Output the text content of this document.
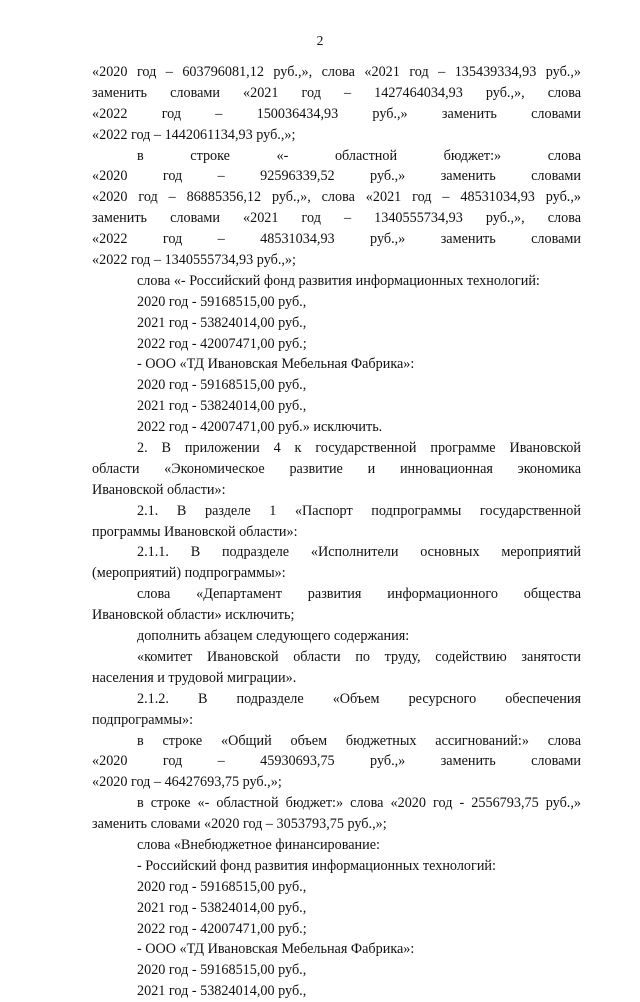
2
«2020 год – 603796081,12 руб.,», слова «2021 год – 135439334,93 руб.,»
заменить словами «2021 год – 1427464034,93 руб.,», слова
«2022 год – 150036434,93 руб.,» заменить словами
«2022 год – 1442061134,93 руб.,»;
в строке «- областной бюджет:» слова
«2020 год – 92596339,52 руб.,» заменить словами
«2020 год – 86885356,12 руб.,», слова «2021 год – 48531034,93 руб.,»
заменить словами «2021 год – 1340555734,93 руб.,», слова
«2022 год – 48531034,93 руб.,» заменить словами
«2022 год – 1340555734,93 руб.,»;
слова «- Российский фонд развития информационных технологий:
2020 год - 59168515,00 руб.,
2021 год - 53824014,00 руб.,
2022 год - 42007471,00 руб.;
- ООО «ТД Ивановская Мебельная Фабрика»:
2020 год - 59168515,00 руб.,
2021 год - 53824014,00 руб.,
2022 год - 42007471,00 руб.» исключить.
2. В приложении 4 к государственной программе Ивановской
области «Экономическое развитие и инновационная экономика
Ивановской области»:
2.1. В разделе 1 «Паспорт подпрограммы государственной
программы Ивановской области»:
2.1.1. В подразделе «Исполнители основных мероприятий
(мероприятий) подпрограммы»:
слова «Департамент развития информационного общества
Ивановской области» исключить;
дополнить абзацем следующего содержания:
«комитет Ивановской области по труду, содействию занятости
населения и трудовой миграции».
2.1.2. В подразделе «Объем ресурсного обеспечения
подпрограммы»:
в строке «Общий объем бюджетных ассигнований:» слова
«2020 год – 45930693,75 руб.,» заменить словами
«2020 год – 46427693,75 руб.,»;
в строке «- областной бюджет:» слова «2020 год - 2556793,75 руб.,»
заменить словами «2020 год – 3053793,75 руб.,»;
слова «Внебюджетное финансирование:
- Российский фонд развития информационных технологий:
2020 год - 59168515,00 руб.,
2021 год - 53824014,00 руб.,
2022 год - 42007471,00 руб.;
- ООО «ТД Ивановская Мебельная Фабрика»:
2020 год - 59168515,00 руб.,
2021 год - 53824014,00 руб.,
